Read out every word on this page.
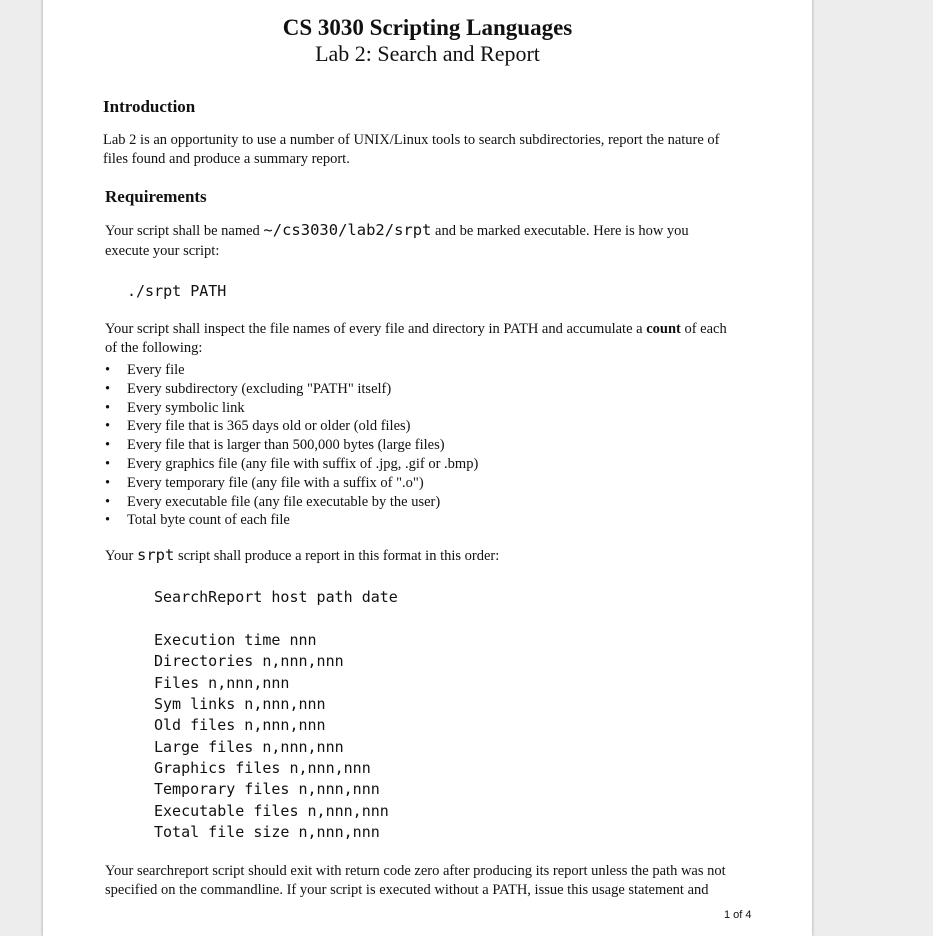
CS 3030 Scripting Languages
Lab 2: Search and Report
Introduction
Lab 2 is an opportunity to use a number of UNIX/Linux tools to search subdirectories, report the nature of
files found and produce a summary report.
Requirements
Your script shall be named ~/cs3030/lab2/srpt and be marked executable. Here is how you
execute your script:
./srpt PATH
Your script shall inspect the file names of every file and directory in PATH and accumulate a count of each
of the following:
• Every file
• Every subdirectory (excluding "PATH" itself)
• Every symbolic link
• Every file that is 365 days old or older (old files)
• Every file that is larger than 500,000 bytes (large files)
• Every graphics file (any file with suffix of .jpg, .gif or .bmp)
• Every temporary file (any file with a suffix of ".o")
• Every executable file (any file executable by the user)
• Total byte count of each file
Your srpt script shall produce a report in this format in this order:
SearchReport host path date
Execution time nnn
Directories n,nnn,nnn
Files n,nnn,nnn
Sym links n,nnn,nnn
Old files n,nnn,nnn
Large files n,nnn,nnn
Graphics files n,nnn,nnn
Temporary files n,nnn,nnn
Executable files n,nnn,nnn
Total file size n,nnn,nnn
Your searchreport script should exit with return code zero after producing its report unless the path was not
specified on the commandline. If your script is executed without a PATH, issue this usage statement and
1 of 4
